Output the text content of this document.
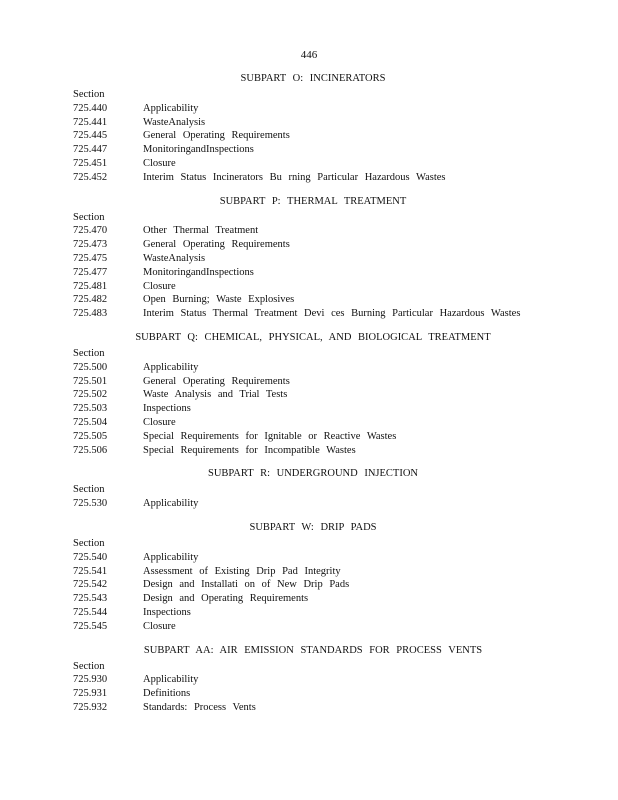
446
SUBPART O: INCINERATORS
Section
725.440	Applicability
725.441	WasteAnalysis
725.445	General Operating Requirements
725.447	MonitoringandInspections
725.451	Closure
725.452	Interim Status Incinerators Bu rning Particular Hazardous Wastes
SUBPART P: THERMAL TREATMENT
Section
725.470	Other Thermal Treatment
725.473	General Operating Requirements
725.475	WasteAnalysis
725.477	MonitoringandInspections
725.481	Closure
725.482	Open Burning; Waste Explosives
725.483	Interim Status Thermal Treatment Devi ces Burning Particular Hazardous Wastes
SUBPART Q: CHEMICAL, PHYSICAL, AND BIOLOGICAL TREATMENT
Section
725.500	Applicability
725.501	General Operating Requirements
725.502	Waste Analysis and Trial Tests
725.503	Inspections
725.504	Closure
725.505	Special Requirements for Ignitable or Reactive Wastes
725.506	Special Requirements for Incompatible Wastes
SUBPART R: UNDERGROUND INJECTION
Section
725.530	Applicability
SUBPART W: DRIP PADS
Section
725.540	Applicability
725.541	Assessment of Existing Drip Pad Integrity
725.542	Design and Installati on of New Drip Pads
725.543	Design and Operating Requirements
725.544	Inspections
725.545	Closure
SUBPART AA: AIR EMISSION STANDARDS FOR PROCESS VENTS
Section
725.930	Applicability
725.931	Definitions
725.932	Standards: Process Vents
